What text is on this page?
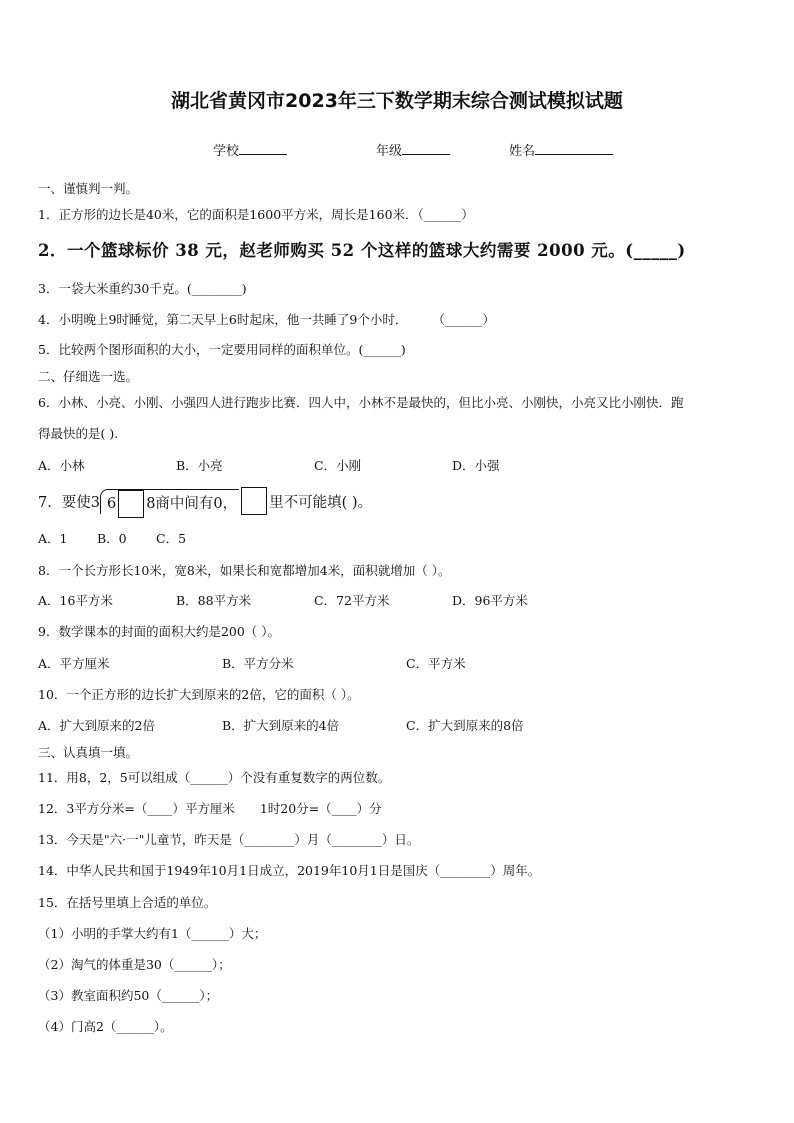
湖北省黄冈市2023年三下数学期末综合测试模拟试题
学校	年级	姓名
一、谨慎判一判。
1．正方形的边长是40米，它的面积是1600平方米，周长是160米．（______）
2．一个篮球标价 38 元，赵老师购买 52 个这样的篮球大约需要 2000 元。(_____)
3．一袋大米重约30千克。(________)
4．小明晚上9时睡觉，第二天早上6时起床，他一共睡了9个小时．　　　（______）
5．比较两个图形面积的大小，一定要用同样的面积单位。(______)
二、仔细选一选。
6．小林、小亮、小刚、小强四人进行跑步比赛．四人中，小林不是最快的，但比小亮、小刚快，小亮又比小刚快．跑
得最快的是( ).
A．小林	B．小亮	C．小刚	D．小强
7．要使3 6 8商中间有0， 里不可能填( )。
A．1 B．0 C．5
8．一个长方形长10米，宽8米，如果长和宽都增加4米，面积就增加（ ）。
A．16平方米	B．88平方米	C．72平方米	D．96平方米
9．数学课本的封面的面积大约是200（ ）。
A．平方厘米	B．平方分米	C．平方米
10．一个正方形的边长扩大到原来的2倍，它的面积（ ）。
A．扩大到原来的2倍	B．扩大到原来的4倍	C．扩大到原来的8倍
三、认真填一填。
11．用8，2，5可以组成（______）个没有重复数字的两位数。
12．3平方分米=（____）平方厘米　　1时20分=（____）分
13．今天是"六·一"儿童节，昨天是（________）月（________）日。
14．中华人民共和国于1949年10月1日成立，2019年10月1日是国庆（________）周年。
15．在括号里填上合适的单位。
（1）小明的手掌大约有1（______）大；
（2）淘气的体重是30（______）；
（3）教室面积约50（______）；
（4）门高2（______）。
